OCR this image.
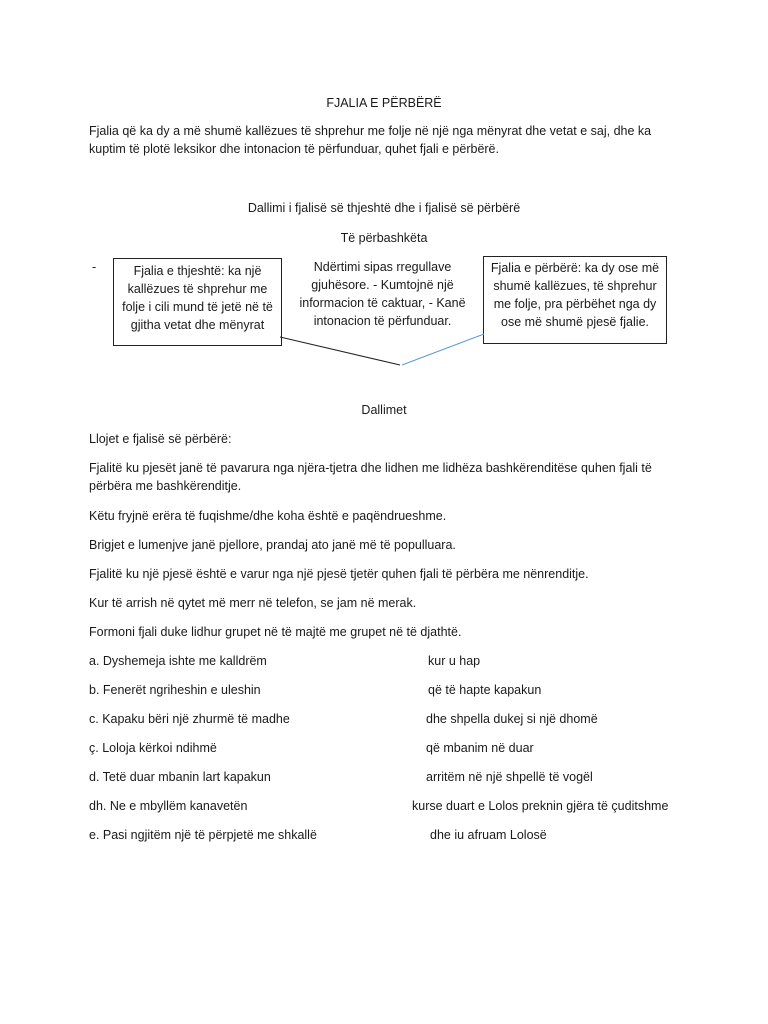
FJALIA E PËRBËRË
Fjalia që ka dy a më shumë kallëzues të shprehur me folje në një nga mënyrat dhe vetat e saj, dhe ka kuptim të plotë leksikor dhe intonacion të përfunduar, quhet fjali e përbërë.
Dallimi i fjalisë së thjeshtë dhe i fjalisë së përbërë
Të përbashkëta
-	Fjalia e thjeshtë: ka një kallëzues të shprehur me folje i cili mund të jetë në të gjitha vetat dhe mënyrat
Ndërtimi sipas rregullave gjuhësore. - Kumtojnë një informacion të caktuar, - Kanë intonacion të përfunduar.
Fjalia e përbërë: ka dy ose më shumë kallëzues, të shprehur me folje, pra përbëhet nga dy ose më shumë pjesë fjalie.
Dallimet
Llojet e fjalisë së përbërë:
Fjalitë ku pjesët janë të pavarura nga njëra-tjetra dhe lidhen me lidhëza bashkërenditëse quhen fjali të përbëra me bashkërenditje.
Këtu fryjnë erëra të fuqishme/dhe koha është e paqëndrueshme.
Brigjet e lumenjve janë pjellore, prandaj ato janë më të populluara.
Fjalitë ku një pjesë është e varur nga një pjesë tjetër quhen fjali të përbëra me nënrenditje.
Kur të arrish në qytet më merr në telefon, se jam në merak.
Formoni fjali duke lidhur grupet në të majtë me grupet në të djathtë.
a. Dyshemeja ishte me kalldrëm	kur u hap
b. Fenerët ngriheshin e uleshin	që të hapte kapakun
c. Kapaku bëri një zhurmë të madhe	dhe shpella dukej si një dhomë
ç. Loloja kërkoi ndihmë	që mbanim në duar
d. Tetë duar mbanin lart kapakun	arritëm në një shpellë të vogël
dh. Ne e mbyllëm kanavetën	kurse duart e Lolos preknin gjëra të çuditshme
e. Pasi ngjitëm një të përpjetë me shkallë	dhe iu afruam Lolosë
